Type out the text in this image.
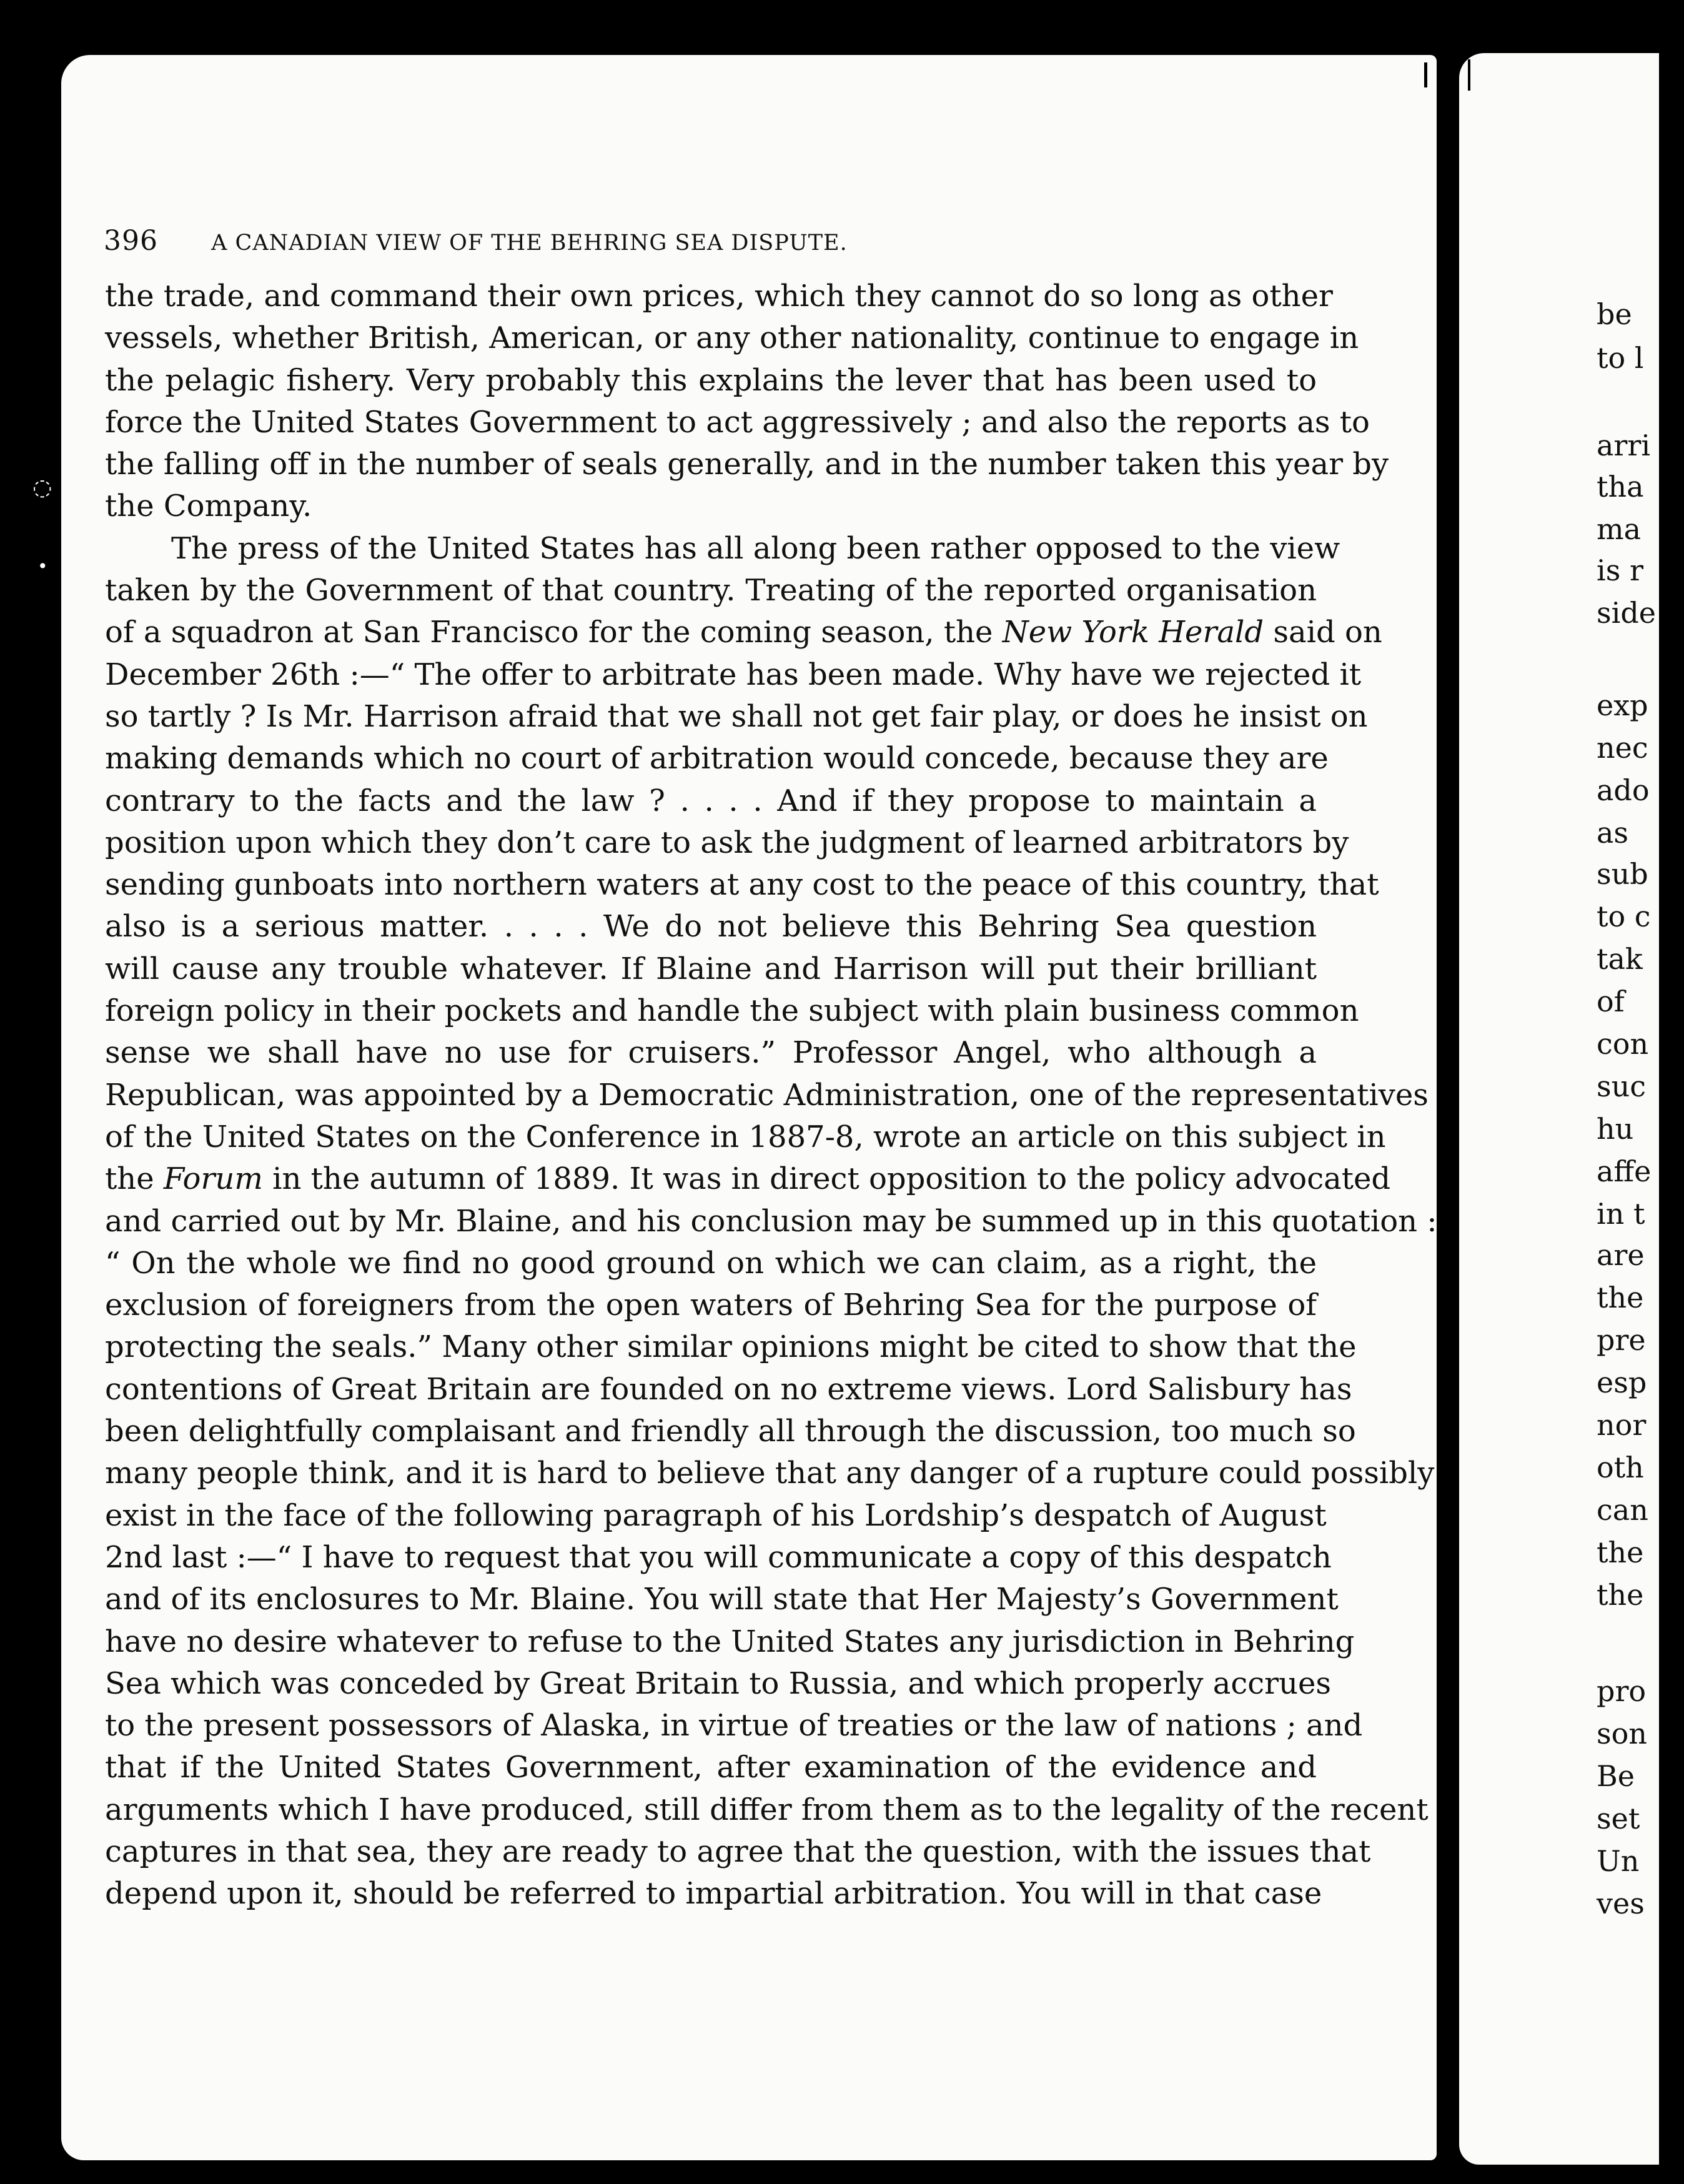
◌
•
396 A CANADIAN VIEW OF THE BEHRING SEA DISPUTE.

the trade, and command their own prices, which they cannot do so long as other
vessels, whether British, American, or any other nationality, continue to engage in
the pelagic fishery. Very probably this explains the lever that has been used to
force the United States Government to act aggressively ; and also the reports as to
the falling off in the number of seals generally, and in the number taken this year by
the Company.

The press of the United States has all along been rather opposed to the view
taken by the Government of that country. Treating of the reported organisation
of a squadron at San Francisco for the coming season, the New York Herald said on
December 26th :—“ The offer to arbitrate has been made. Why have we rejected it
so tartly ? Is Mr. Harrison afraid that we shall not get fair play, or does he insist on
making demands which no court of arbitration would concede, because they are
contrary to the facts and the law ? . . . . And if they propose to maintain a
position upon which they don’t care to ask the judgment of learned arbitrators by
sending gunboats into northern waters at any cost to the peace of this country, that
also is a serious matter. . . . . We do not believe this Behring Sea question
will cause any trouble whatever. If Blaine and Harrison will put their brilliant
foreign policy in their pockets and handle the subject with plain business common
sense we shall have no use for cruisers.” Professor Angel, who although a
Republican, was appointed by a Democratic Administration, one of the representatives
of the United States on the Conference in 1887-8, wrote an article on this subject in
the Forum in the autumn of 1889. It was in direct opposition to the policy advocated
and carried out by Mr. Blaine, and his conclusion may be summed up in this quotation :
“ On the whole we find no good ground on which we can claim, as a right, the
exclusion of foreigners from the open waters of Behring Sea for the purpose of
protecting the seals.” Many other similar opinions might be cited to show that the
contentions of Great Britain are founded on no extreme views. Lord Salisbury has
been delightfully complaisant and friendly all through the discussion, too much so
many people think, and it is hard to believe that any danger of a rupture could possibly
exist in the face of the following paragraph of his Lordship’s despatch of August
2nd last :—“ I have to request that you will communicate a copy of this despatch
and of its enclosures to Mr. Blaine. You will state that Her Majesty’s Government
have no desire whatever to refuse to the United States any jurisdiction in Behring
Sea which was conceded by Great Britain to Russia, and which properly accrues
to the present possessors of Alaska, in virtue of treaties or the law of nations ; and
that if the United States Government, after examination of the evidence and
arguments which I have produced, still differ from them as to the legality of the recent
captures in that sea, they are ready to agree that the question, with the issues that
depend upon it, should be referred to impartial arbitration. You will in that case

be
to l
arri
tha
ma
is r
side
exp
nec
ado
as
sub
to c
tak
of
con
suc
hu
affe
in t
are
the
pre
esp
nor
oth
can
the
the
pro
son
Be
set
Un
ves
